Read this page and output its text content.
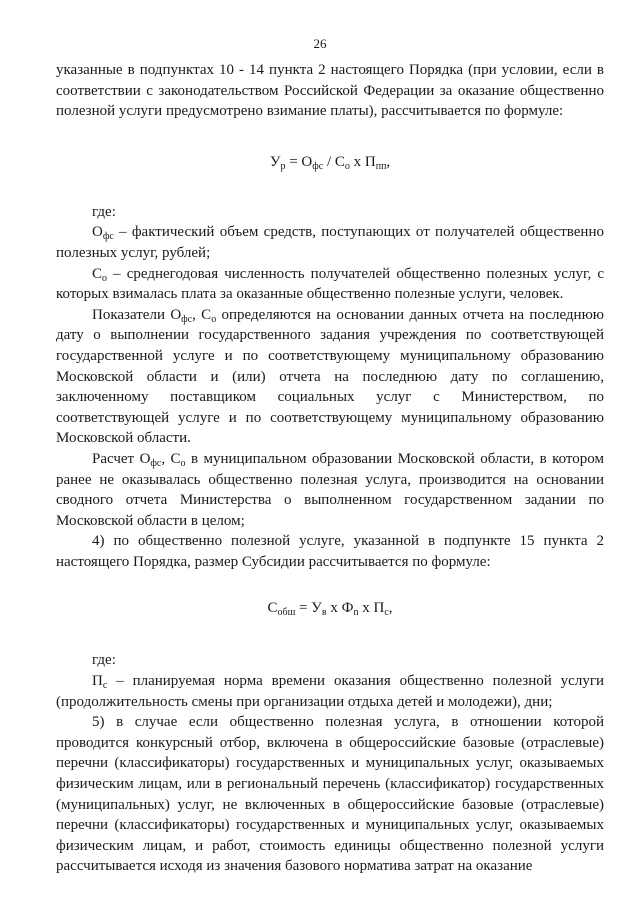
26

указанные в подпунктах 10 - 14 пункта 2 настоящего Порядка (при условии, если в соответствии с законодательством Российской Федерации за оказание общественно полезной услуги предусмотрено взимание платы), рассчитывается по формуле:

$У_р = О_{фс} / С_о$ х $П_{пп}$,

где:

$О_{фс}$ – фактический объем средств, поступающих от получателей общественно полезных услуг, рублей;

$С_о$ – среднегодовая численность получателей общественно полезных услуг, с которых взималась плата за оказанные общественно полезные услуги, человек.

Показатели $О_{фс}$, $С_о$ определяются на основании данных отчета на последнюю дату о выполнении государственного задания учреждения по соответствующей государственной услуге и по соответствующему муниципальному образованию Московской области и (или) отчета на последнюю дату по соглашению, заключенному поставщиком социальных услуг с Министерством, по соответствующей услуге и по соответствующему муниципальному образованию Московской области.

Расчет $О_{фс}$, $С_о$ в муниципальном образовании Московской области, в котором ранее не оказывалась общественно полезная услуга, производится на основании сводного отчета Министерства о выполненном государственном задании по Московской области в целом;

4) по общественно полезной услуге, указанной в подпункте 15 пункта 2 настоящего Порядка, размер Субсидии рассчитывается по формуле:

$С_{обш} = У_в$ х $Ф_n$ х $П_с$,

где:

$П_с$ – планируемая норма времени оказания общественно полезной услуги (продолжительность смены при организации отдыха детей и молодежи), дни;

5) в случае если общественно полезная услуга, в отношении которой проводится конкурсный отбор, включена в общероссийские базовые (отраслевые) перечни (классификаторы) государственных и муниципальных услуг, оказываемых физическим лицам, или в региональный перечень (классификатор) государственных (муниципальных) услуг, не включенных в общероссийские базовые (отраслевые) перечни (классификаторы) государственных и муниципальных услуг, оказываемых физическим лицам, и работ, стоимость единицы общественно полезной услуги рассчитывается исходя из значения базового норматива затрат на оказание
